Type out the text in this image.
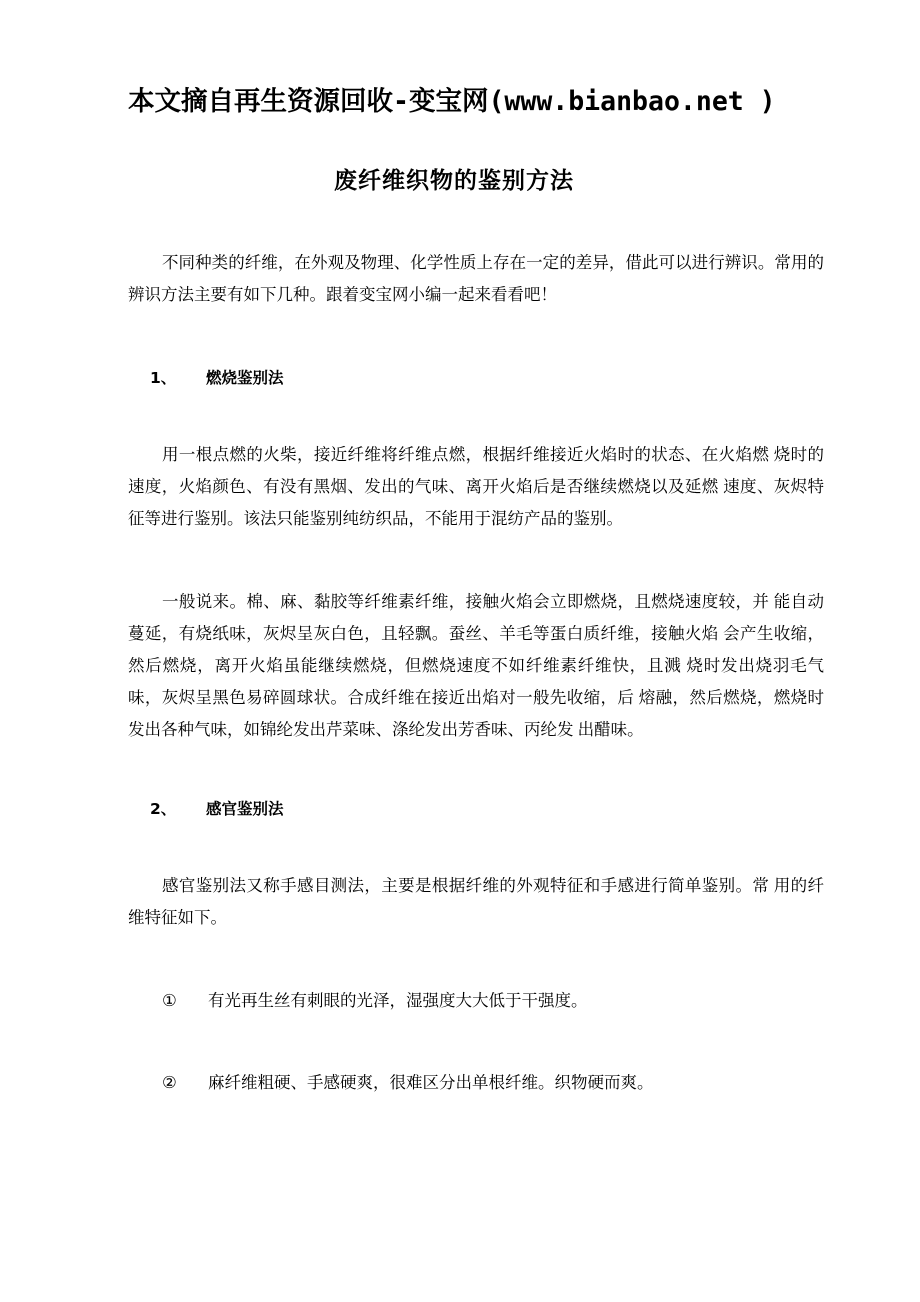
本文摘自再生资源回收-变宝网(www.bianbao.net )
废纤维织物的鉴别方法

不同种类的纤维，在外观及物理、化学性质上存在一定的差异，借此可以进行辨识。常用的辨识方法主要有如下几种。跟着变宝网小编一起来看看吧！

1、 燃烧鉴别法

用一根点燃的火柴，接近纤维将纤维点燃，根据纤维接近火焰时的状态、在火焰燃 烧时的速度，火焰颜色、有没有黑烟、发出的气味、离开火焰后是否继续燃烧以及延燃 速度、灰烬特征等进行鉴别。该法只能鉴别纯纺织品，不能用于混纺产品的鉴别。

一般说来。棉、麻、黏胶等纤维素纤维，接触火焰会立即燃烧，且燃烧速度较，并 能自动蔓延，有烧纸味，灰烬呈灰白色，且轻飘。蚕丝、羊毛等蛋白质纤维，接触火焰 会产生收缩，然后燃烧，离开火焰虽能继续燃烧，但燃烧速度不如纤维素纤维快，且溅 烧时发出烧羽毛气味，灰烬呈黑色易碎圆球状。合成纤维在接近出焰对一般先收缩，后 熔融，然后燃烧，燃烧时发出各种气味，如锦纶发出芹菜味、涤纶发出芳香味、丙纶发 出醋味。

2、 感官鉴别法

感官鉴别法又称手感目测法，主要是根据纤维的外观特征和手感进行简单鉴别。常 用的纤维特征如下。

① 有光再生丝有刺眼的光泽，湿强度大大低于干强度。
② 麻纤维粗硬、手感硬爽，很难区分出单根纤维。织物硬而爽。
